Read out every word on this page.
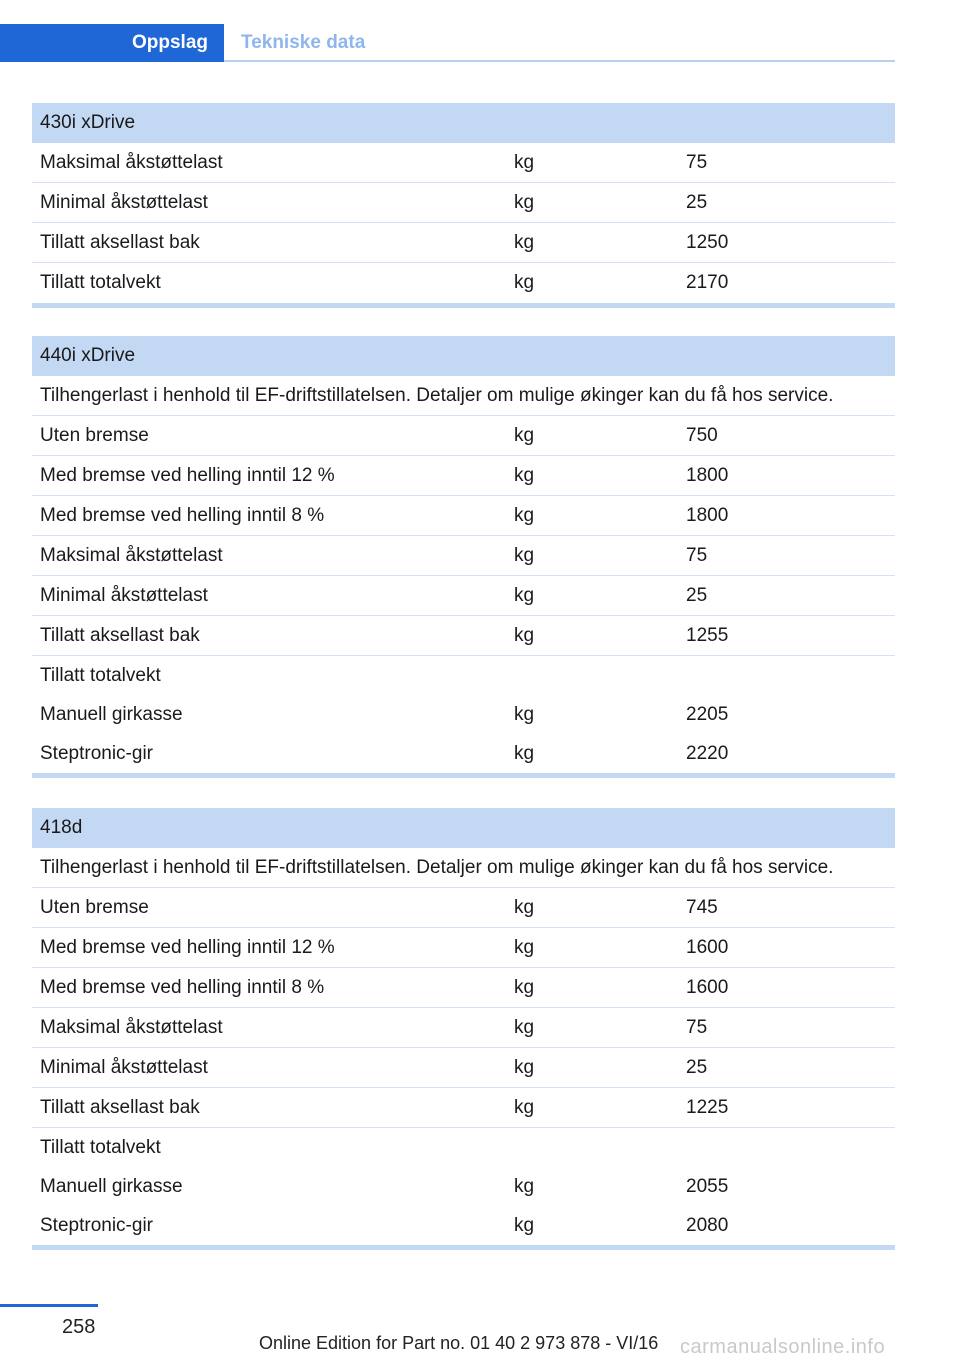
Oppslag Tekniske data
430i xDrive
Maksimal åkstøttelast	kg	75
Minimal åkstøttelast	kg	25
Tillatt aksellast bak	kg	1250
Tillatt totalvekt	kg	2170
440i xDrive
Tilhengerlast i henhold til EF-driftstillatelsen. Detaljer om mulige økinger kan du få hos service.
Uten bremse	kg	750
Med bremse ved helling inntil 12 %	kg	1800
Med bremse ved helling inntil 8 %	kg	1800
Maksimal åkstøttelast	kg	75
Minimal åkstøttelast	kg	25
Tillatt aksellast bak	kg	1255
Tillatt totalvekt
Manuell girkasse	kg	2205
Steptronic-gir	kg	2220
418d
Tilhengerlast i henhold til EF-driftstillatelsen. Detaljer om mulige økinger kan du få hos service.
Uten bremse	kg	745
Med bremse ved helling inntil 12 %	kg	1600
Med bremse ved helling inntil 8 %	kg	1600
Maksimal åkstøttelast	kg	75
Minimal åkstøttelast	kg	25
Tillatt aksellast bak	kg	1225
Tillatt totalvekt
Manuell girkasse	kg	2055
Steptronic-gir	kg	2080
258
Online Edition for Part no. 01 40 2 973 878 - VI/16 carmanualsonline.info
